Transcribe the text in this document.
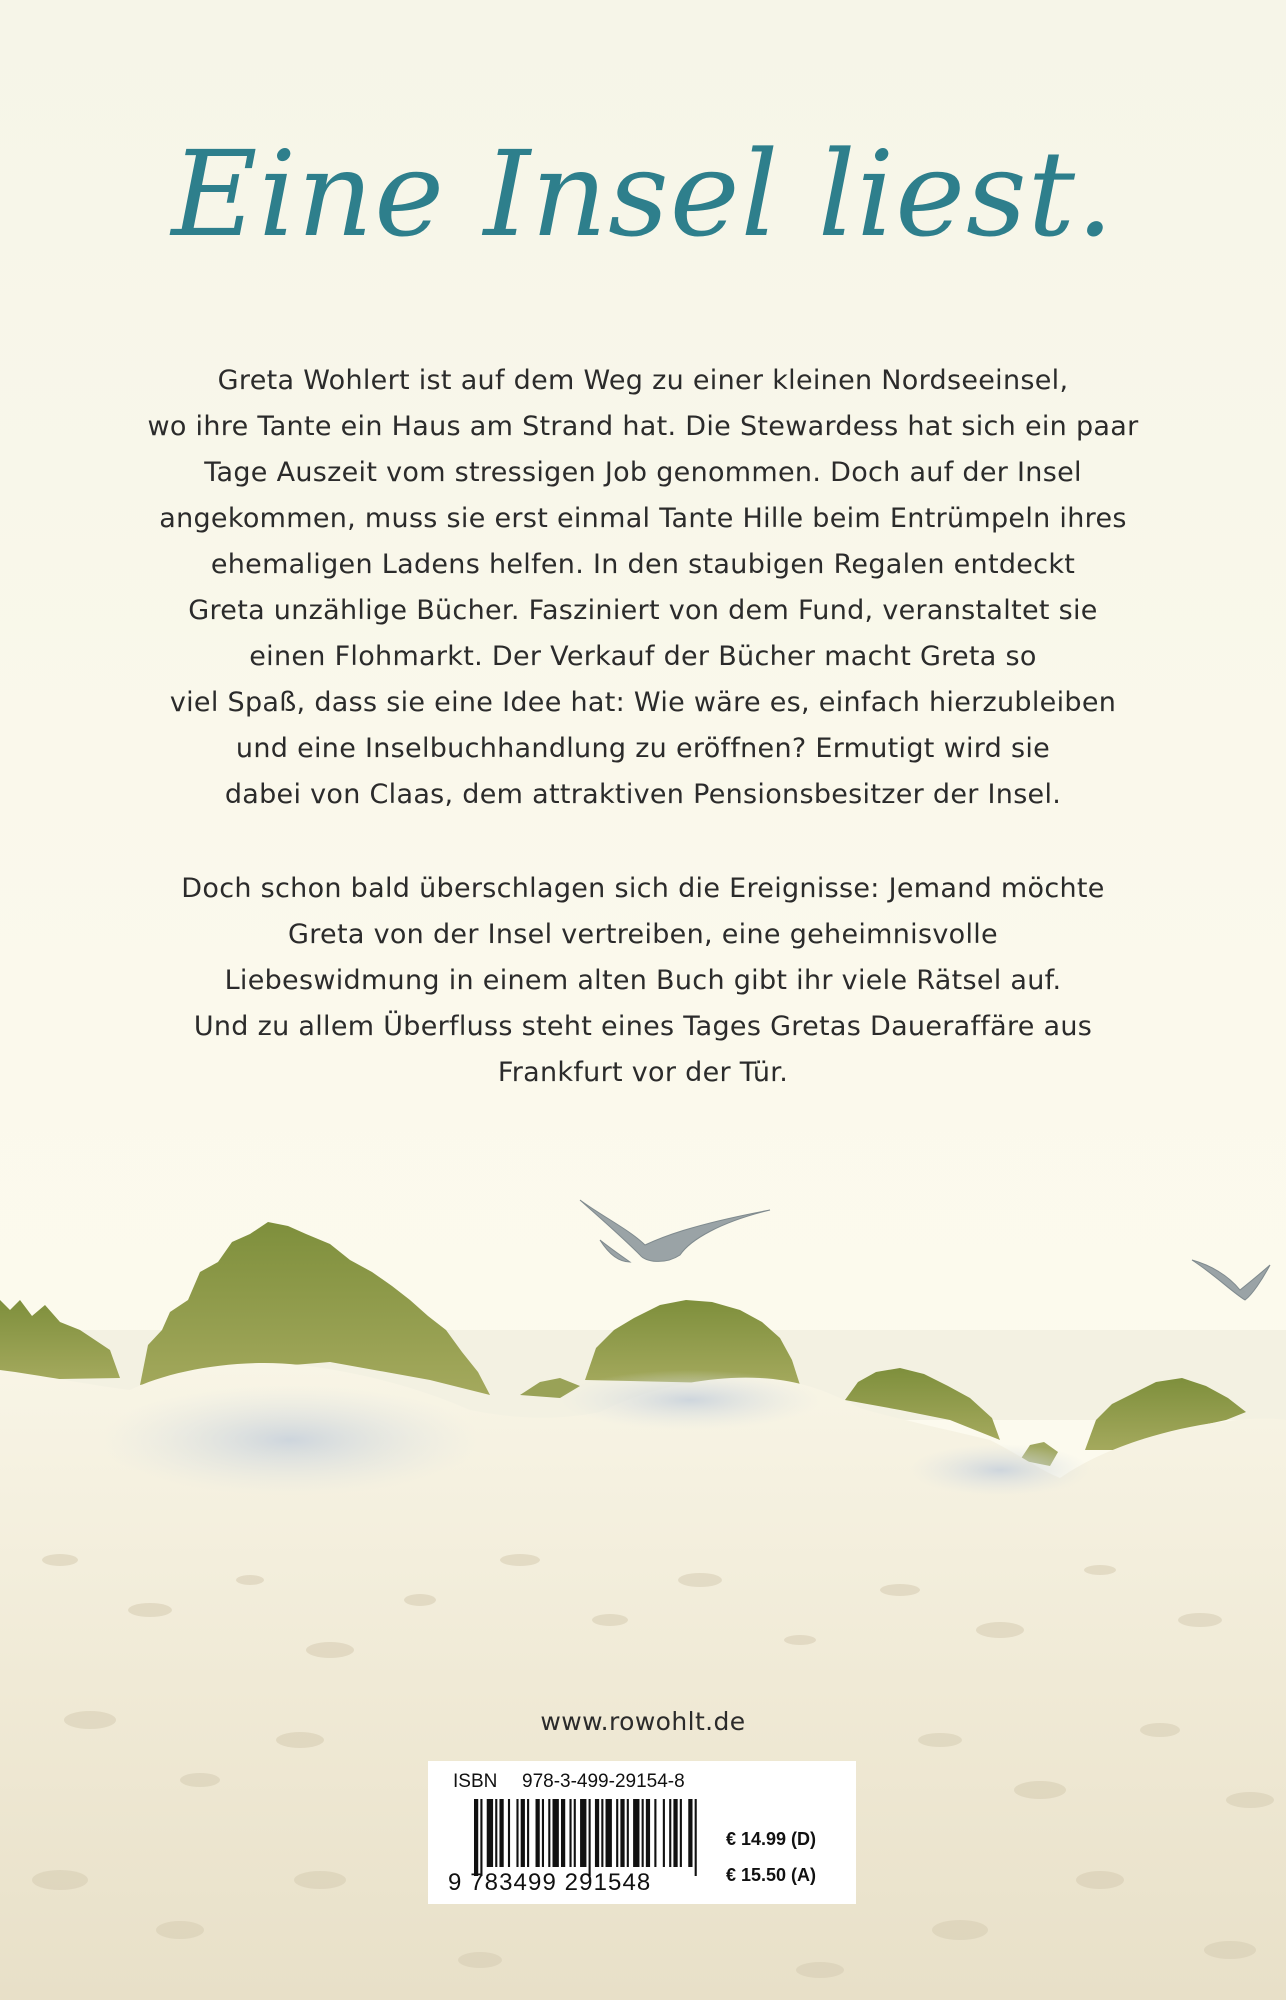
Eine Insel liest.
Greta Wohlert ist auf dem Weg zu einer kleinen Nordseeinsel,
wo ihre Tante ein Haus am Strand hat. Die Stewardess hat sich ein paar
Tage Auszeit vom stressigen Job genommen. Doch auf der Insel
angekommen, muss sie erst einmal Tante Hille beim Entrümpeln ihres
ehemaligen Ladens helfen. In den staubigen Regalen entdeckt
Greta unzählige Bücher. Fasziniert von dem Fund, veranstaltet sie
einen Flohmarkt. Der Verkauf der Bücher macht Greta so
viel Spaß, dass sie eine Idee hat: Wie wäre es, einfach hierzubleiben
und eine Inselbuchhandlung zu eröffnen? Ermutigt wird sie
dabei von Claas, dem attraktiven Pensionsbesitzer der Insel.
Doch schon bald überschlagen sich die Ereignisse: Jemand möchte
Greta von der Insel vertreiben, eine geheimnisvolle
Liebeswidmung in einem alten Buch gibt ihr viele Rätsel auf.
Und zu allem Überfluss steht eines Tages Gretas Daueraffäre aus
Frankfurt vor der Tür.
www.rowohlt.de
ISBN 978-3-499-29154-8
9 783499 291548
€ 14.99 (D)
€ 15.50 (A)
